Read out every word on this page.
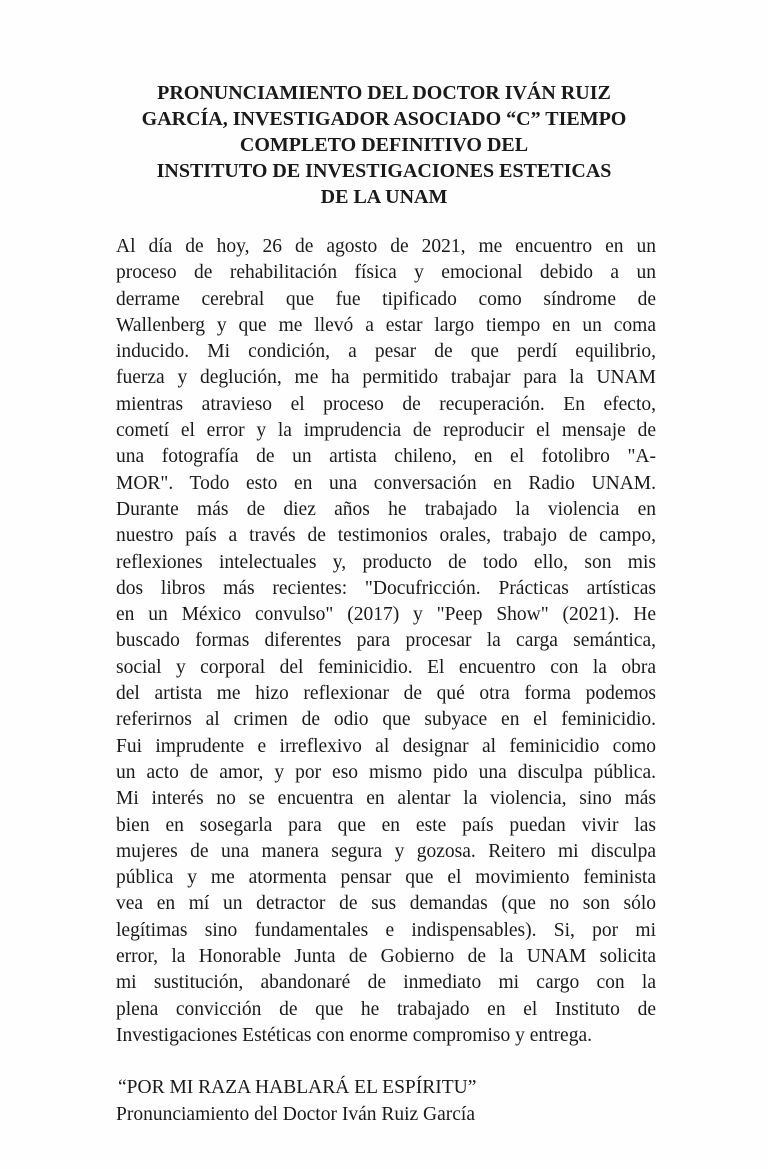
PRONUNCIAMIENTO DEL DOCTOR IVÁN RUIZ
GARCÍA, INVESTIGADOR ASOCIADO “C” TIEMPO
COMPLETO DEFINITIVO DEL
INSTITUTO DE INVESTIGACIONES ESTETICAS
DE LA UNAM
Al día de hoy, 26 de agosto de 2021, me encuentro en un
proceso de rehabilitación física y emocional debido a un
derrame cerebral que fue tipificado como síndrome de
Wallenberg y que me llevó a estar largo tiempo en un coma
inducido. Mi condición, a pesar de que perdí equilibrio,
fuerza y deglución, me ha permitido trabajar para la UNAM
mientras atravieso el proceso de recuperación. En efecto,
cometí el error y la imprudencia de reproducir el mensaje de
una fotografía de un artista chileno, en el fotolibro "A-
MOR". Todo esto en una conversación en Radio UNAM.
Durante más de diez años he trabajado la violencia en
nuestro país a través de testimonios orales, trabajo de campo,
reflexiones intelectuales y, producto de todo ello, son mis
dos libros más recientes: "Docufricción. Prácticas artísticas
en un México convulso" (2017) y "Peep Show" (2021). He
buscado formas diferentes para procesar la carga semántica,
social y corporal del feminicidio. El encuentro con la obra
del artista me hizo reflexionar de qué otra forma podemos
referirnos al crimen de odio que subyace en el feminicidio.
Fui imprudente e irreflexivo al designar al feminicidio como
un acto de amor, y por eso mismo pido una disculpa pública.
Mi interés no se encuentra en alentar la violencia, sino más
bien en sosegarla para que en este país puedan vivir las
mujeres de una manera segura y gozosa. Reitero mi disculpa
pública y me atormenta pensar que el movimiento feminista
vea en mí un detractor de sus demandas (que no son sólo
legítimas sino fundamentales e indispensables). Si, por mi
error, la Honorable Junta de Gobierno de la UNAM solicita
mi sustitución, abandonaré de inmediato mi cargo con la
plena convicción de que he trabajado en el Instituto de
Investigaciones Estéticas con enorme compromiso y entrega.

“POR MI RAZA HABLARÁ EL ESPÍRITU”

Pronunciamiento del Doctor Iván Ruiz García
